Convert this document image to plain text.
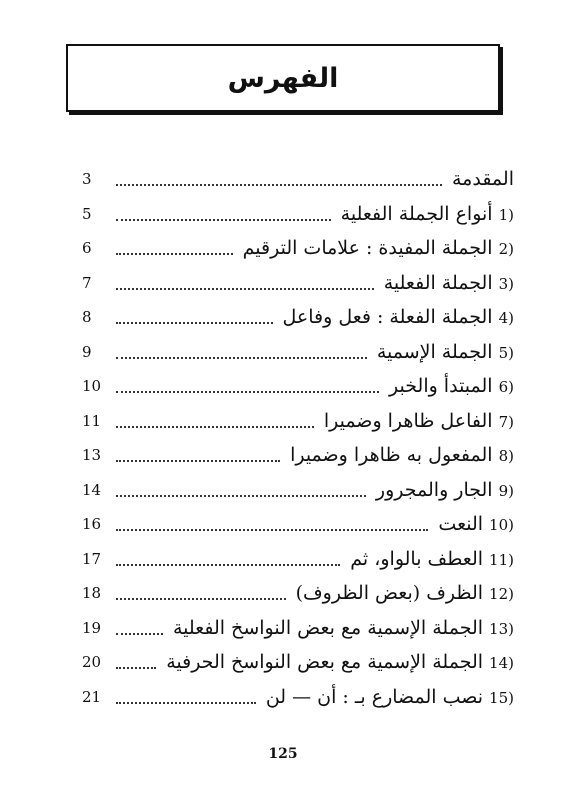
الفهرس
المقدمة
3
1)
أنواع الجملة الفعلية
5
2)
الجملة المفيدة : علامات الترقيم
6
3)
الجملة الفعلية
7
4)
الجملة الفعلة : فعل وفاعل
8
5)
الجملة الإسمية
9
6)
المبتدأ والخبر
10
7)
الفاعل ظاهرا وضميرا
11
8)
المفعول به ظاهرا وضميرا
13
9)
الجار والمجرور
14
10)
النعت
16
11)
العطف بالواو، ثم
17
12)
الظرف (بعض الظروف)
18
13)
الجملة الإسمية مع بعض النواسخ الفعلية
19
14)
الجملة الإسمية مع بعض النواسخ الحرفية
20
15)
نصب المضارع بـ : أن — لن
21
125
